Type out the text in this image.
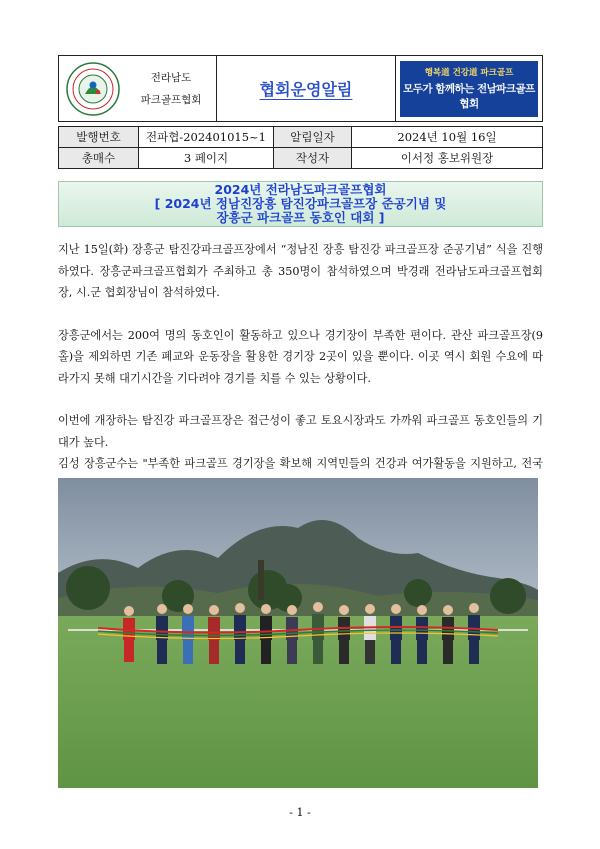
전라남도
파크골프협회
협회운영알림
행복道 건강道 파크골프
모두가 함께하는 전남파크골프협회
발행번호	전파협-202401015~1	알림일자	2024년 10월 16일
총매수	3 페이지	작성자	이서정 홍보위원장
2024년 전라남도파크골프협회
[ 2024년 정남진장흥 탐진강파크골프장 준공기념 및
장흥군 파크골프 동호인 대회 ]

지난 15일(화) 장흥군 탐진강파크골프장에서 “정남진 장흥 탐진강 파크골프장 준공기념” 식을 진행하였다. 장흥군파크골프협회가 주최하고 총 350명이 참석하였으며 박경래 전라남도파크골프협회장, 시.군 협회장님이 참석하였다.

장흥군에서는 200여 명의 동호인이 활동하고 있으나 경기장이 부족한 편이다. 관산 파크골프장(9홀)을 제외하면 기존 폐교와 운동장을 활용한 경기장 2곳이 있을 뿐이다. 이곳 역시 회원 수요에 따라가지 못해 대기시간을 기다려야 경기를 치를 수 있는 상황이다.

이번에 개장하는 탐진강 파크골프장은 접근성이 좋고 토요시장과도 가까워 파크골프 동호인들의 기대가 높다.

김성 장흥군수는 "부족한 파크골프 경기장을 확보해 지역민들의 건강과 여가활동을 지원하고, 전국

- 1 -
